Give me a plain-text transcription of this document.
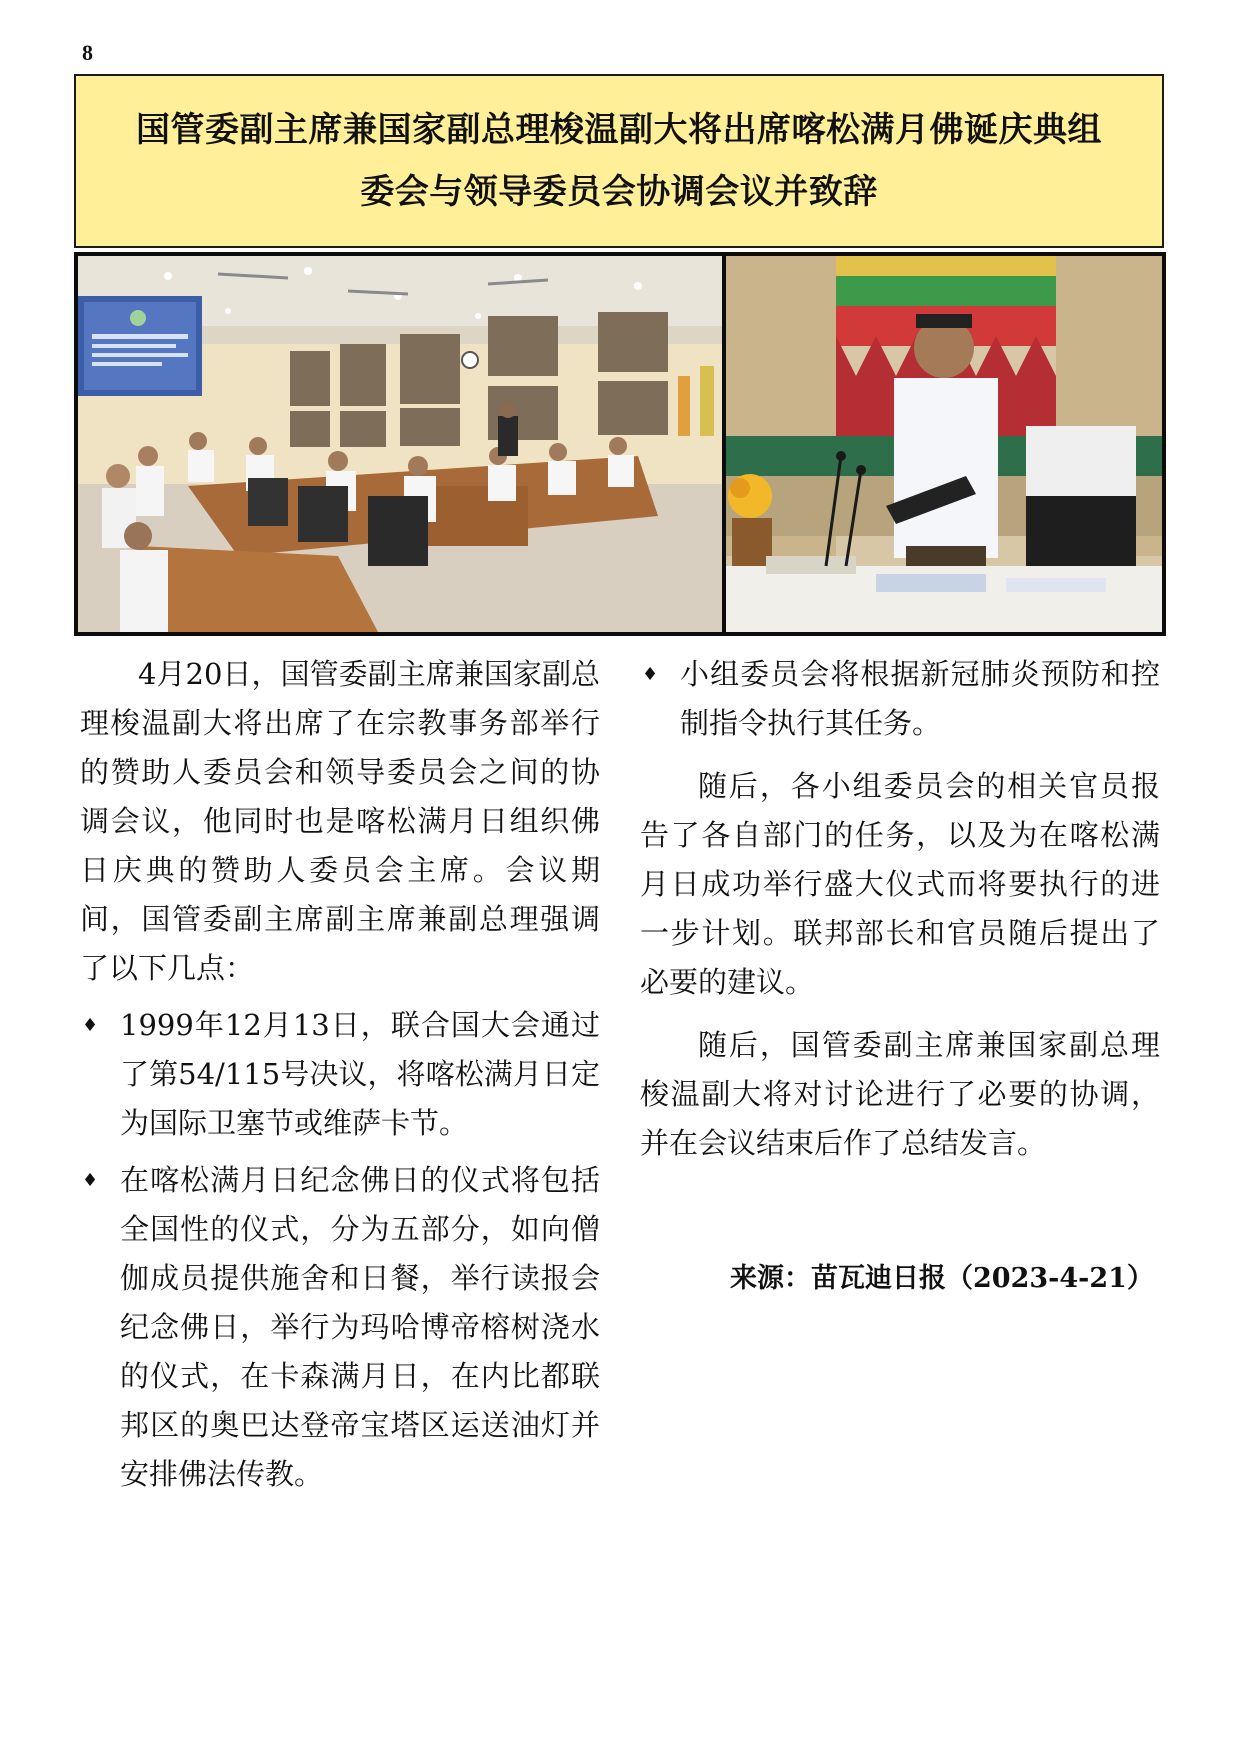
8
国管委副主席兼国家副总理梭温副大将出席喀松满月佛诞庆典组
委会与领导委员会协调会议并致辞

4月20日，国管委副主席兼国家副总理梭温副大将出席了在宗教事务部举行的赞助人委员会和领导委员会之间的协调会议，他同时也是喀松满月日组织佛日庆典的赞助人委员会主席。会议期间，国管委副主席副主席兼副总理强调了以下几点：

♦ 1999年12月13日，联合国大会通过了第54/115号决议，将喀松满月日定为国际卫塞节或维萨卡节。
♦ 在喀松满月日纪念佛日的仪式将包括全国性的仪式，分为五部分，如向僧伽成员提供施舍和日餐，举行读报会纪念佛日，举行为玛哈博帝榕树浇水的仪式，在卡森满月日，在内比都联邦区的奥巴达登帝宝塔区运送油灯并安排佛法传教。
♦ 小组委员会将根据新冠肺炎预防和控制指令执行其任务。

随后，各小组委员会的相关官员报告了各自部门的任务，以及为在喀松满月日成功举行盛大仪式而将要执行的进一步计划。联邦部长和官员随后提出了必要的建议。

随后，国管委副主席兼国家副总理梭温副大将对讨论进行了必要的协调，并在会议结束后作了总结发言。

来源：苗瓦迪日报（2023-4-21）
